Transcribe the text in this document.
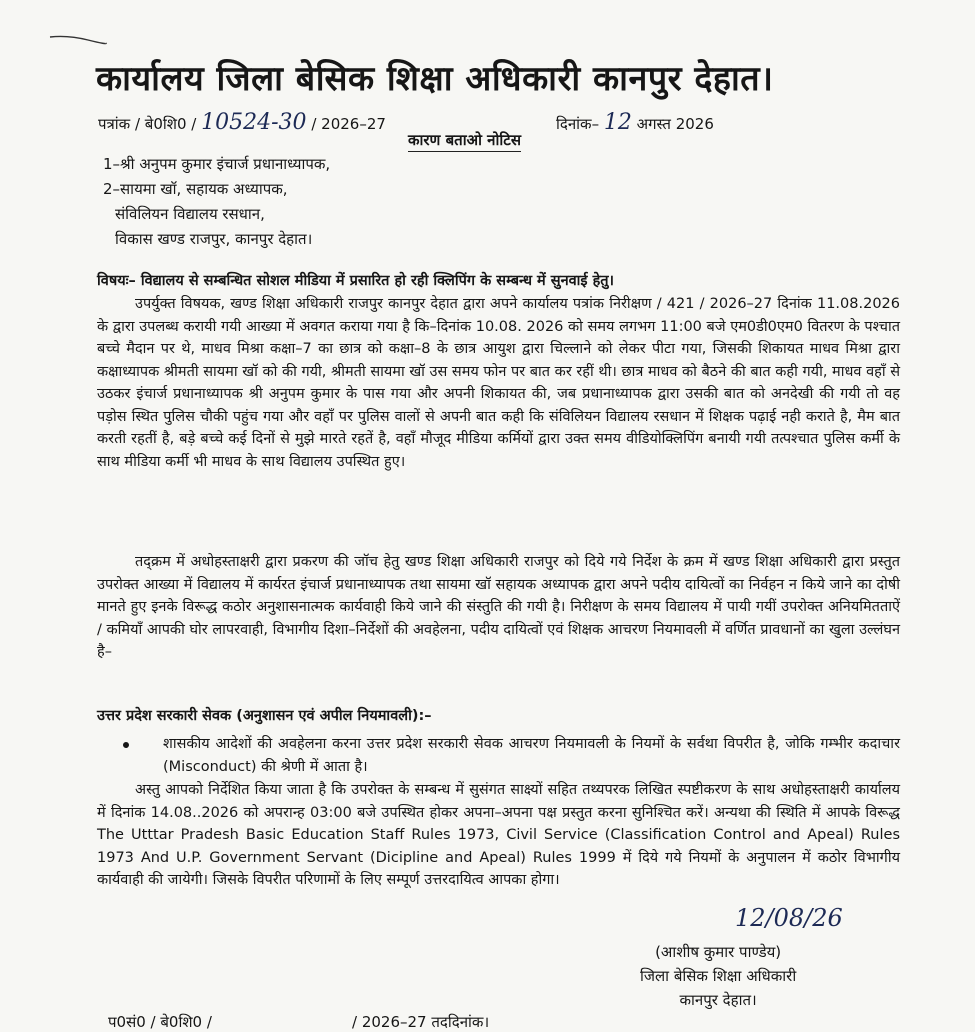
कार्यालय जिला बेसिक शिक्षा अधिकारी कानपुर देहात।
पत्रांक / बे0शि0 / 10524-30 / 2026–27	दिनांक– 12 अगस्त 2026
कारण बताओ नोटिस
1–श्री अनुपम कुमार इंचार्ज प्रधानाध्यापक,
2–सायमा खॉ, सहायक अध्यापक,
संविलियन विद्यालय रसधान,
विकास खण्ड राजपुर, कानपुर देहात।
विषयः– विद्यालय से सम्बन्धित सोशल मीडिया में प्रसारित हो रही क्लिपिंग के सम्बन्ध में सुनवाई हेतु।

उपर्युक्त विषयक, खण्ड शिक्षा अधिकारी राजपुर कानपुर देहात द्वारा अपने कार्यालय पत्रांक निरीक्षण / 421 / 2026–27 दिनांक 11.08.2026 के द्वारा उपलब्ध करायी गयी आख्या में अवगत कराया गया है कि–दिनांक 10.08. 2026 को समय लगभग 11:00 बजे एम0डी0एम0 वितरण के पश्चात बच्चे मैदान पर थे, माधव मिश्रा कक्षा–7 का छात्र को कक्षा–8 के छात्र आयुश द्वारा चिल्लाने को लेकर पीटा गया, जिसकी शिकायत माधव मिश्रा द्वारा कक्षाध्यापक श्रीमती सायमा खॉ को की गयी, श्रीमती सायमा खॉ उस समय फोन पर बात कर रहीं थी। छात्र माधव को बैठने की बात कही गयी, माधव वहॉं से उठकर इंचार्ज प्रधानाध्यापक श्री अनुपम कुमार के पास गया और अपनी शिकायत की, जब प्रधानाध्यापक द्वारा उसकी बात को अनदेखी की गयी तो वह पड़ोस स्थित पुलिस चौकी पहुंच गया और वहॉं पर पुलिस वालों से अपनी बात कही कि संविलियन विद्यालय रसधान में शिक्षक पढ़ाई नही कराते है, मैम बात करती रहतीं है, बड़े बच्चे कई दिनों से मुझे मारते रहतें है, वहॉं मौजूद मीडिया कर्मियों द्वारा उक्त समय वीडियोक्लिपिंग बनायी गयी तत्पश्चात पुलिस कर्मी के साथ मीडिया कर्मी भी माधव के साथ विद्यालय उपस्थित हुए।

तद्क्रम में अधोहस्ताक्षरी द्वारा प्रकरण की जॉच हेतु खण्ड शिक्षा अधिकारी राजपुर को दिये गये निर्देश के क्रम में खण्ड शिक्षा अधिकारी द्वारा प्रस्तुत उपरोक्त आख्या में विद्यालय में कार्यरत इंचार्ज प्रधानाध्यापक तथा सायमा खॉ सहायक अध्यापक द्वारा अपने पदीय दायित्वों का निर्वहन न किये जाने का दोषी मानते हुए इनके विरूद्ध कठोर अनुशासनात्मक कार्यवाही किये जाने की संस्तुति की गयी है। निरीक्षण के समय विद्यालय में पायी गयीं उपरोक्त अनियमितताऐं / कमियॉं आपकी घोर लापरवाही, विभागीय दिशा–निर्देशों की अवहेलना, पदीय दायित्वों एवं शिक्षक आचरण नियमावली में वर्णित प्रावधानों का खुला उल्लंघन है–

उत्तर प्रदेश सरकारी सेवक (अनुशासन एवं अपील नियमावली):–
शासकीय आदेशों की अवहेलना करना उत्तर प्रदेश सरकारी सेवक आचरण नियमावली के नियमों के सर्वथा विपरीत है, जोकि गम्भीर कदाचार (Misconduct) की श्रेणी में आता है।

अस्तु आपको निर्देशित किया जाता है कि उपरोक्त के सम्बन्ध में सुसंगत साक्ष्यों सहित तथ्यपरक लिखित स्पष्टीकरण के साथ अधोहस्ताक्षरी कार्यालय में दिनांक 14.08..2026 को अपरान्ह 03:00 बजे उपस्थित होकर अपना–अपना पक्ष प्रस्तुत करना सुनिश्चित करें। अन्यथा की स्थिति में आपके विरूद्ध The Utttar Pradesh Basic Education Staff Rules 1973, Civil Service (Classification Control and Apeal) Rules 1973 And U.P. Government Servant (Dicipline and Apeal) Rules 1999 में दिये गये नियमों के अनुपालन में कठोर विभागीय कार्यवाही की जायेगी। जिसके विपरीत परिणामों के लिए सम्पूर्ण उत्तरदायित्व आपका होगा।

12/08/26
(आशीष कुमार पाण्डेय)
जिला बेसिक शिक्षा अधिकारी
कानपुर देहात।
प0सं0 / बे0शि0 /	/ 2026–27 तददिनांक।
